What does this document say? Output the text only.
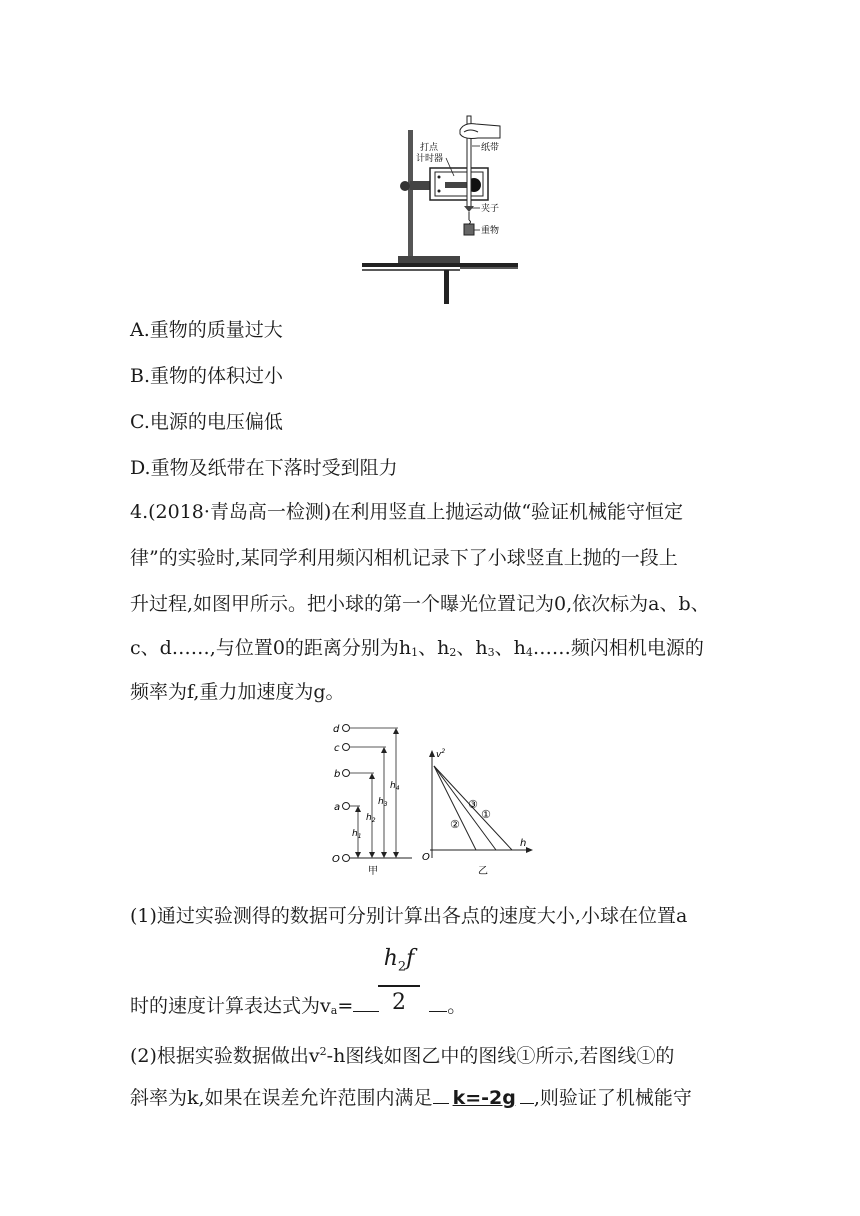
打点
计时器
纸带
夹子
重物
A.重物的质量过大
B.重物的体积过小
C.电源的电压偏低
D.重物及纸带在下落时受到阻力
4.(2018·青岛高一检测)在利用竖直上抛运动做“验证机械能守恒定
律”的实验时,某同学利用频闪相机记录下了小球竖直上抛的一段上
升过程,如图甲所示。把小球的第一个曝光位置记为0,依次标为a、b、
c、d……,与位置0的距离分别为$h_1$、$h_2$、$h_3$、$h_4\dots\dots$频闪相机电源的
频率为f,重力加速度为g。
d
c
b
a
O
$h_1$
$h_2$
$h_3$
$h_4$
甲
$v^2$
h
O
①
②
③
乙
(1)通过实验测得的数据可分别计算出各点的速度大小,小球在位置a
$h_2f$
2
时的速度计算表达式为$v_a=$	。
(2)根据实验数据做出$v^2-h$图线如图乙中的图线①所示,若图线①的
斜率为k,如果在误差允许范围内满足 k=-2g ,则验证了机械能守
